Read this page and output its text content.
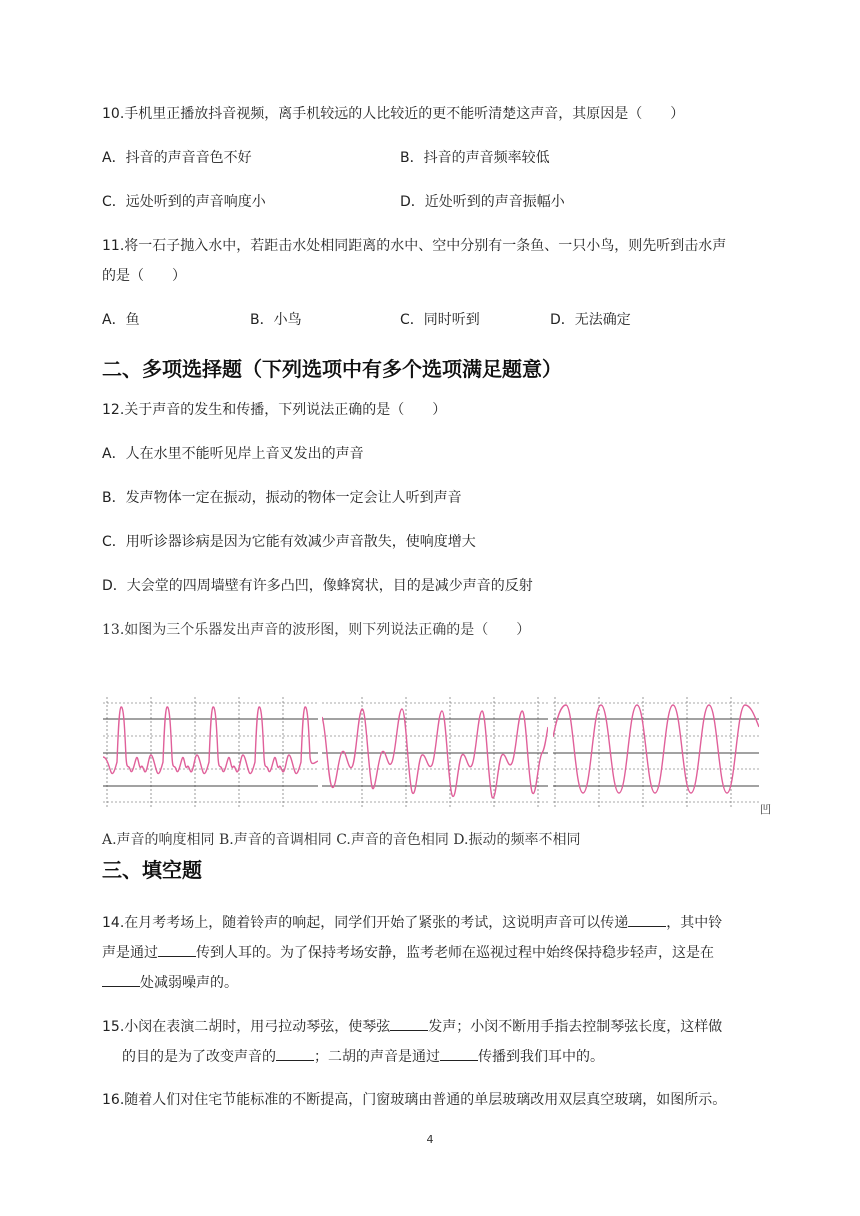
10.手机里正播放抖音视频，离手机较远的人比较近的更不能听清楚这声音，其原因是（　　）
A．抖音的声音音色不好	B．抖音的声音频率较低
C．远处听到的声音响度小	D．近处听到的声音振幅小
11.将一石子抛入水中，若距击水处相同距离的水中、空中分别有一条鱼、一只小鸟，则先听到击水声
的是（　　）
A．鱼	B．小鸟	C．同时听到	D．无法确定
二、多项选择题（下列选项中有多个选项满足题意）
12.关于声音的发生和传播，下列说法正确的是（　　）
A．人在水里不能听见岸上音叉发出的声音
B．发声物体一定在振动，振动的物体一定会让人听到声音
C．用听诊器诊病是因为它能有效减少声音散失，使响度增大
D．大会堂的四周墙壁有许多凸凹，像蜂窝状，目的是减少声音的反射
13.如图为三个乐器发出声音的波形图，则下列说法正确的是（　　）
凹
A.声音的响度相同 B.声音的音调相同 C.声音的音色相同 D.振动的频率不相同
三、填空题
14.在月考考场上，随着铃声的响起，同学们开始了紧张的考试，这说明声音可以传递	，其中铃
声是通过	传到人耳的。为了保持考场安静，监考老师在巡视过程中始终保持稳步轻声，这是在
处减弱噪声的。
15.小闵在表演二胡时，用弓拉动琴弦，使琴弦	发声；小闵不断用手指去控制琴弦长度，这样做
的目的是为了改变声音的	；二胡的声音是通过	传播到我们耳中的。
16.随着人们对住宅节能标准的不断提高，门窗玻璃由普通的单层玻璃改用双层真空玻璃，如图所示。
4
